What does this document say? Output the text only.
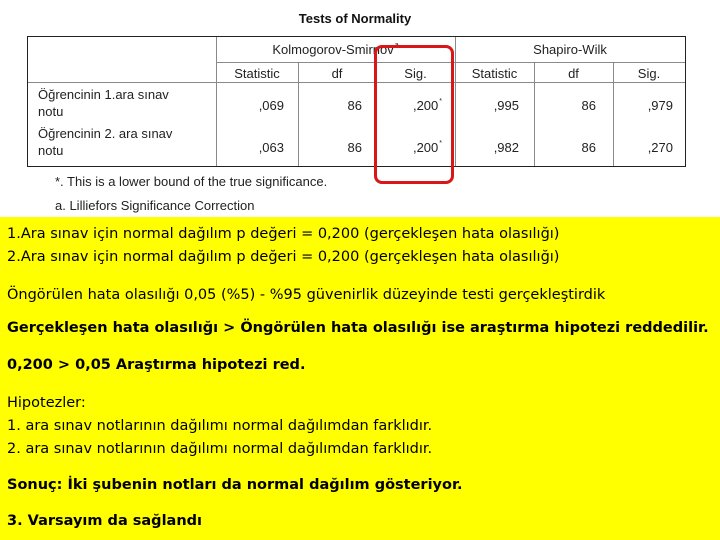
Tests of Normality
Kolmogorov-Smirnov$^a$	Shapiro-Wilk
Statistic	df	Sig.	Statistic	df	Sig.
Öğrencinin 1.ara sınav
notu	,069	86	,200*	,995	86	,979
Öğrencinin 2. ara sınav
notu	,063	86	,200*	,982	86	,270
*. This is a lower bound of the true significance.
a. Lilliefors Significance Correction
1.Ara sınav için normal dağılım p değeri = 0,200 (gerçekleşen hata olasılığı)
2.Ara sınav için normal dağılım p değeri = 0,200 (gerçekleşen hata olasılığı)
Öngörülen hata olasılığı 0,05 (%5) - %95 güvenirlik düzeyinde testi gerçekleştirdik
Gerçekleşen hata olasılığı > Öngörülen hata olasılığı ise araştırma hipotezi reddedilir.
0,200 > 0,05 Araştırma hipotezi red.
Hipotezler:
1. ara sınav notlarının dağılımı normal dağılımdan farklıdır.
2. ara sınav notlarının dağılımı normal dağılımdan farklıdır.
Sonuç: İki şubenin notları da normal dağılım gösteriyor.
3. Varsayım da sağlandı
